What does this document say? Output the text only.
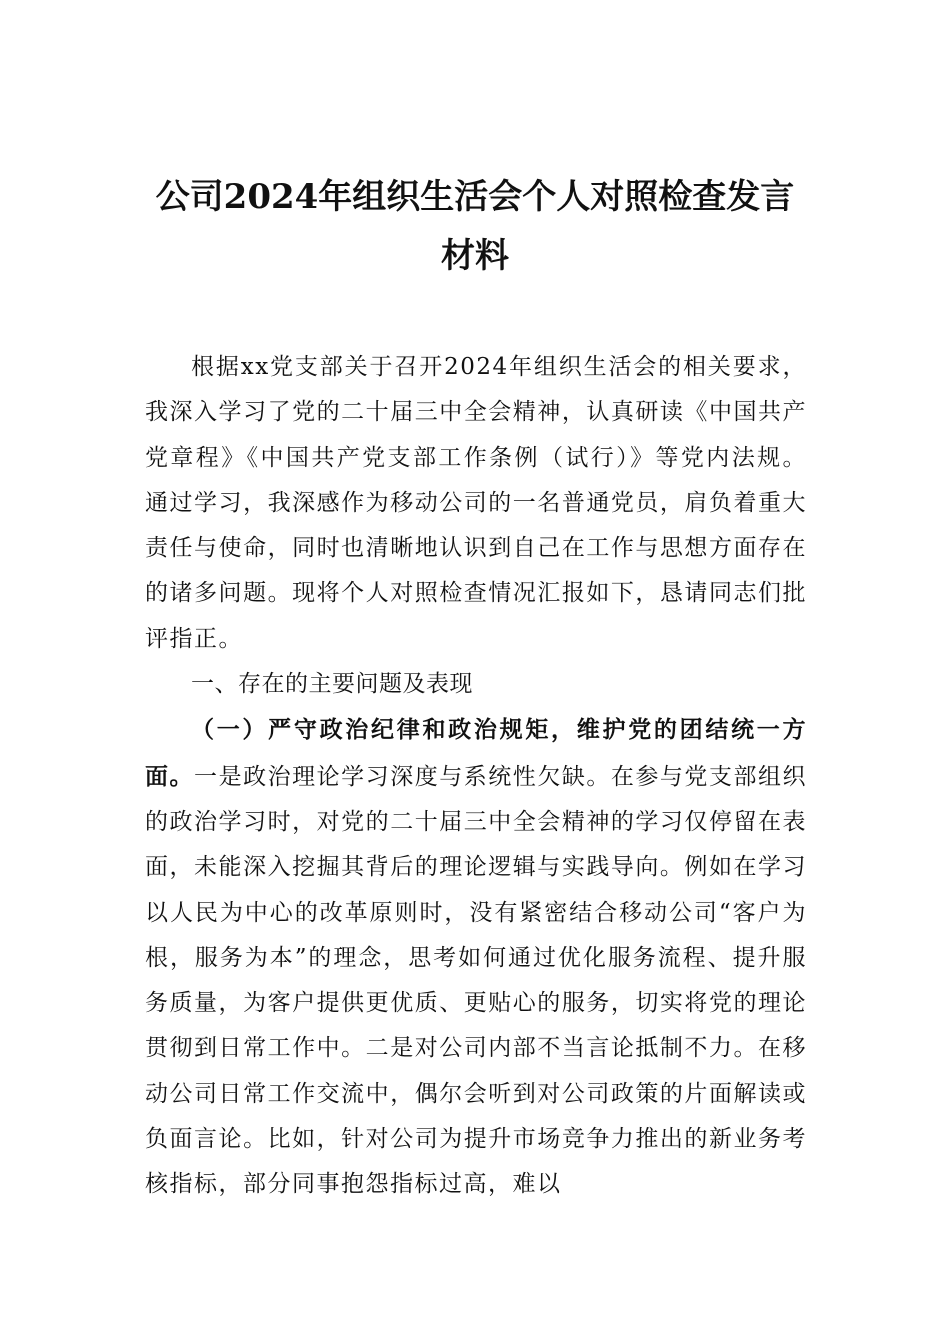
公司2024年组织生活会个人对照检查发言
材料

根据xx党支部关于召开2024年组织生活会的相关要求，我深入学习了党的二十届三中全会精神，认真研读《中国共产党章程》《中国共产党支部工作条例（试行）》等党内法规。通过学习，我深感作为移动公司的一名普通党员，肩负着重大责任与使命，同时也清晰地认识到自己在工作与思想方面存在的诸多问题。现将个人对照检查情况汇报如下，恳请同志们批评指正。

一、存在的主要问题及表现

（一）严守政治纪律和政治规矩，维护党的团结统一方面。一是政治理论学习深度与系统性欠缺。在参与党支部组织的政治学习时，对党的二十届三中全会精神的学习仅停留在表面，未能深入挖掘其背后的理论逻辑与实践导向。例如在学习以人民为中心的改革原则时，没有紧密结合移动公司“客户为根，服务为本”的理念，思考如何通过优化服务流程、提升服务质量，为客户提供更优质、更贴心的服务，切实将党的理论贯彻到日常工作中。二是对公司内部不当言论抵制不力。在移动公司日常工作交流中，偶尔会听到对公司政策的片面解读或负面言论。比如，针对公司为提升市场竞争力推出的新业务考核指标，部分同事抱怨指标过高，难以
